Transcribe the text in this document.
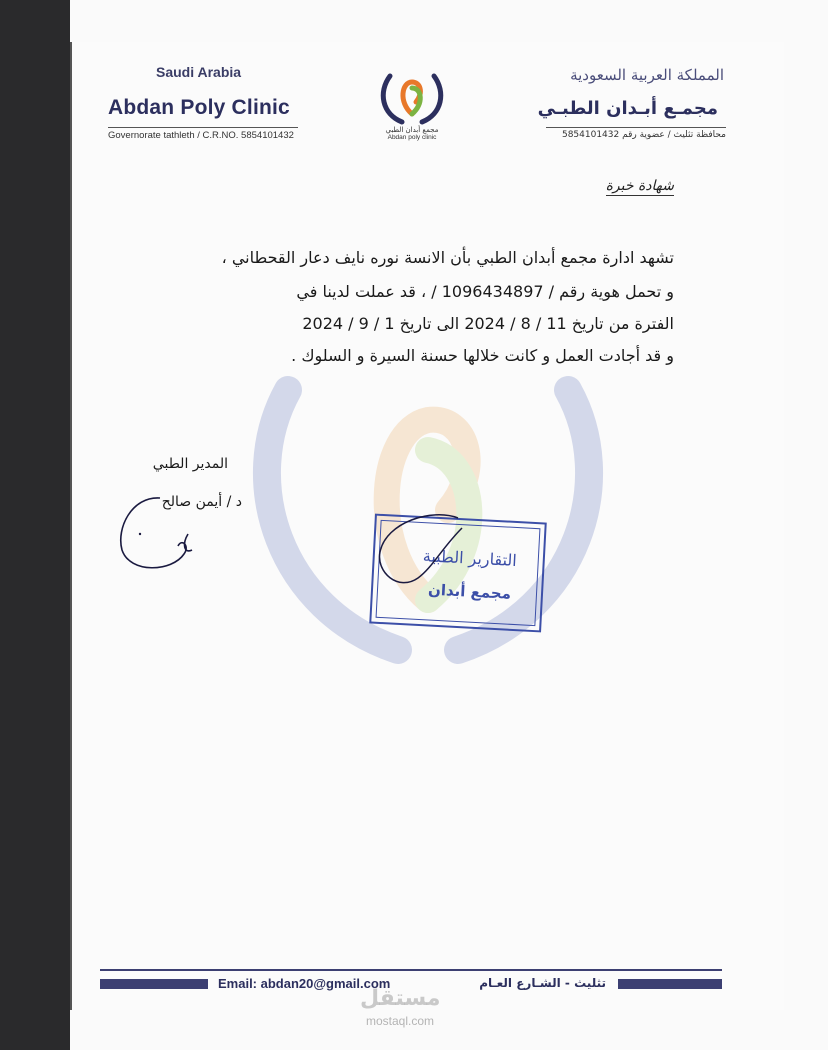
Saudi Arabia
Abdan Poly Clinic
Governorate tathleth / C.R.NO. 5854101432
المملكة العربية السعودية
مجمـع أبـدان الطبـي
محافظة تثليث / عضوية رقم 5854101432
مجمع أبدان الطبي
Abdan poly clinic
شهادة خبرة
تشهد ادارة مجمع أبدان الطبي بأن الانسة نوره نايف دعار القحطاني ،
و تحمل هوية رقم / 1096434897 / ، قد عملت لدينا في
الفترة من تاريخ 11 / 8 / 2024 الى تاريخ 1 / 9 / 2024
و قد أجادت العمل و كانت خلالها حسنة السيرة و السلوك .
المدير الطبي
د / أيمن صالح
التقارير الطبية
مجمع أبدان
Email: abdan20@gmail.com	تثليث - الشـارع العـام
مستقل
mostaql.com
